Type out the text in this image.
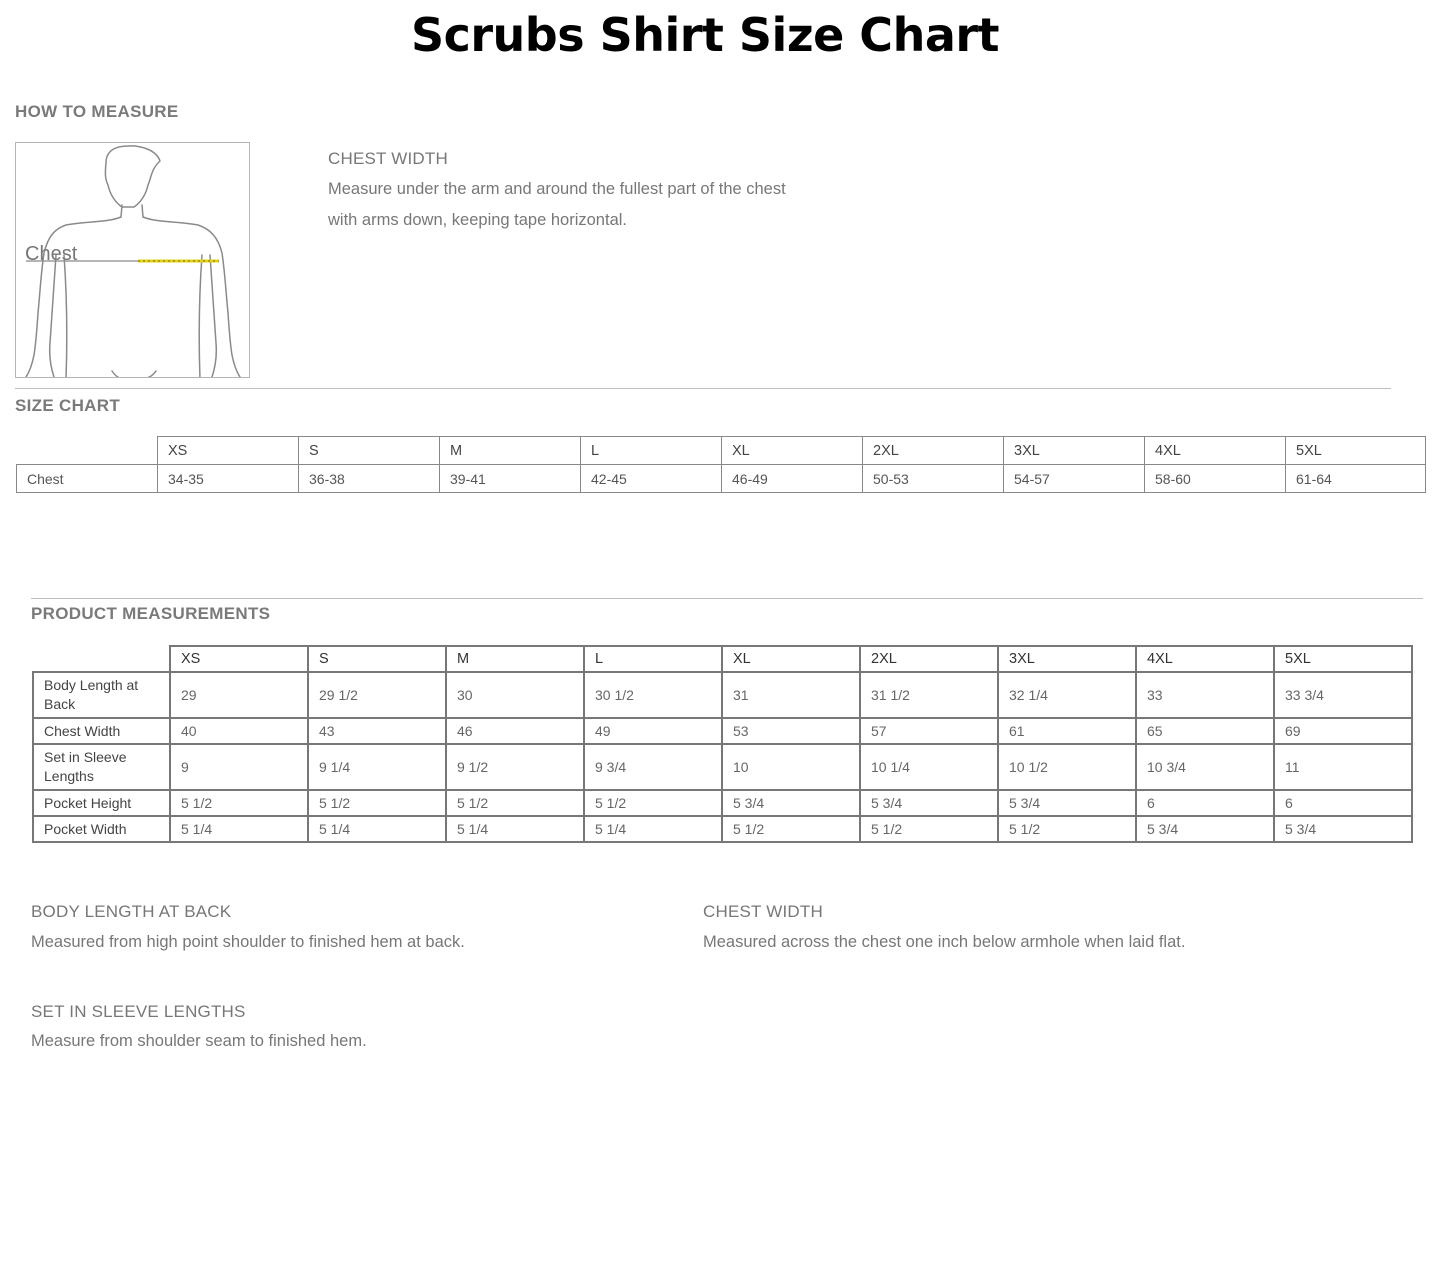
Scrubs Shirt Size Chart
HOW TO MEASURE
Chest
CHEST WIDTH
Measure under the arm and around the fullest part of the chest
with arms down, keeping tape horizontal.
SIZE CHART
	XS	S	M	L	XL	2XL	3XL	4XL	5XL
Chest	34-35	36-38	39-41	42-45	46-49	50-53	54-57	58-60	61-64
PRODUCT MEASUREMENTS
	XS	S	M	L	XL	2XL	3XL	4XL	5XL
Body Length at
Back	29	29 1/2	30	30 1/2	31	31 1/2	32 1/4	33	33 3/4
Chest Width	40	43	46	49	53	57	61	65	69
Set in Sleeve
Lengths	9	9 1/4	9 1/2	9 3/4	10	10 1/4	10 1/2	10 3/4	11
Pocket Height	5 1/2	5 1/2	5 1/2	5 1/2	5 3/4	5 3/4	5 3/4	6	6
Pocket Width	5 1/4	5 1/4	5 1/4	5 1/4	5 1/2	5 1/2	5 1/2	5 3/4	5 3/4
BODY LENGTH AT BACK
Measured from high point shoulder to finished hem at back.
CHEST WIDTH
Measured across the chest one inch below armhole when laid flat.
SET IN SLEEVE LENGTHS
Measure from shoulder seam to finished hem.
